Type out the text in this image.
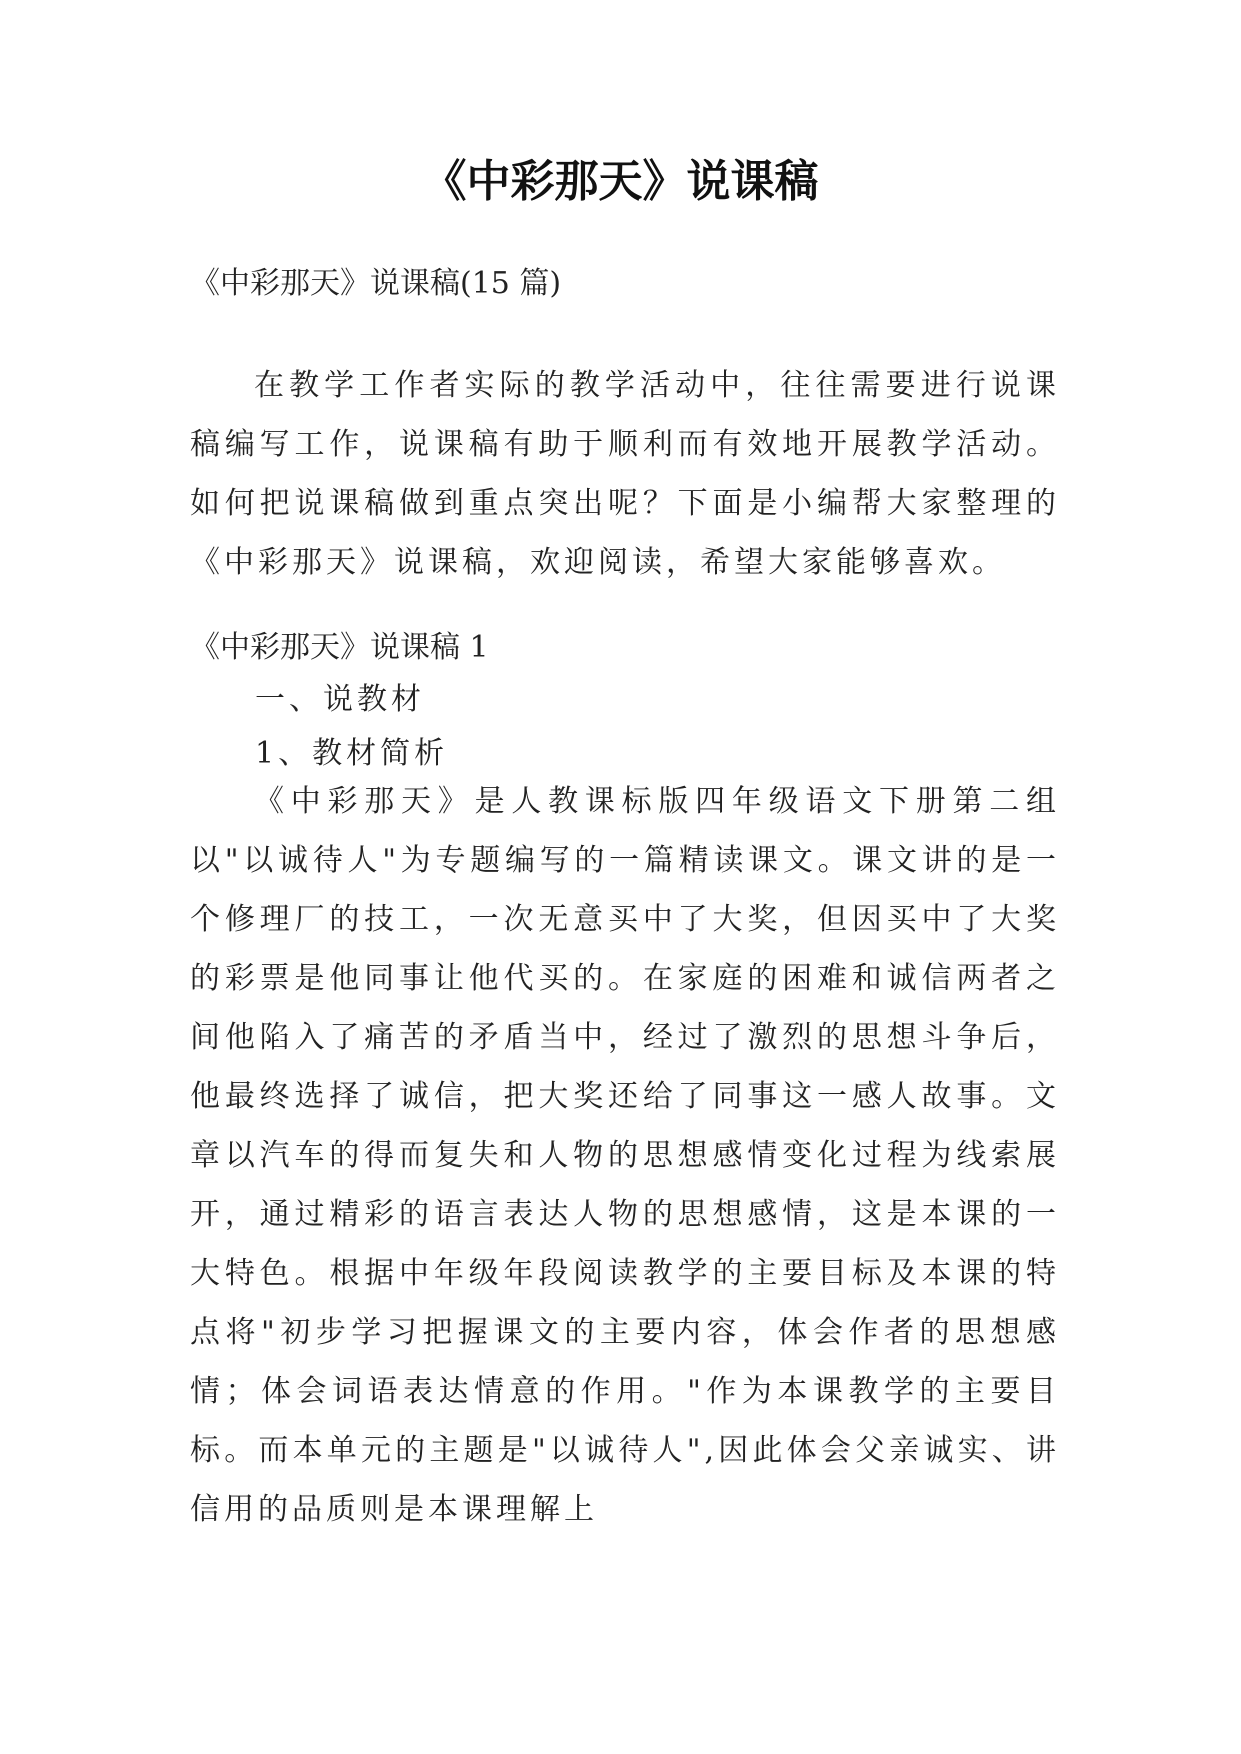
《中彩那天》说课稿

《中彩那天》说课稿(15 篇)

在教学工作者实际的教学活动中，往往需要进行说课稿编写工作，说课稿有助于顺利而有效地开展教学活动。如何把说课稿做到重点突出呢？下面是小编帮大家整理的《中彩那天》说课稿，欢迎阅读，希望大家能够喜欢。

《中彩那天》说课稿 1

一、说教材

1、教材简析

《中彩那天》是人教课标版四年级语文下册第二组以"以诚待人"为专题编写的一篇精读课文。课文讲的是一个修理厂的技工，一次无意买中了大奖，但因买中了大奖的彩票是他同事让他代买的。在家庭的困难和诚信两者之间他陷入了痛苦的矛盾当中，经过了激烈的思想斗争后，他最终选择了诚信，把大奖还给了同事这一感人故事。文章以汽车的得而复失和人物的思想感情变化过程为线索展开，通过精彩的语言表达人物的思想感情，这是本课的一大特色。根据中年级年段阅读教学的主要目标及本课的特点将"初步学习把握课文的主要内容，体会作者的思想感情；体会词语表达情意的作用。"作为本课教学的主要目标。而本单元的主题是"以诚待人",因此体会父亲诚实、讲信用的品质则是本课理解上
